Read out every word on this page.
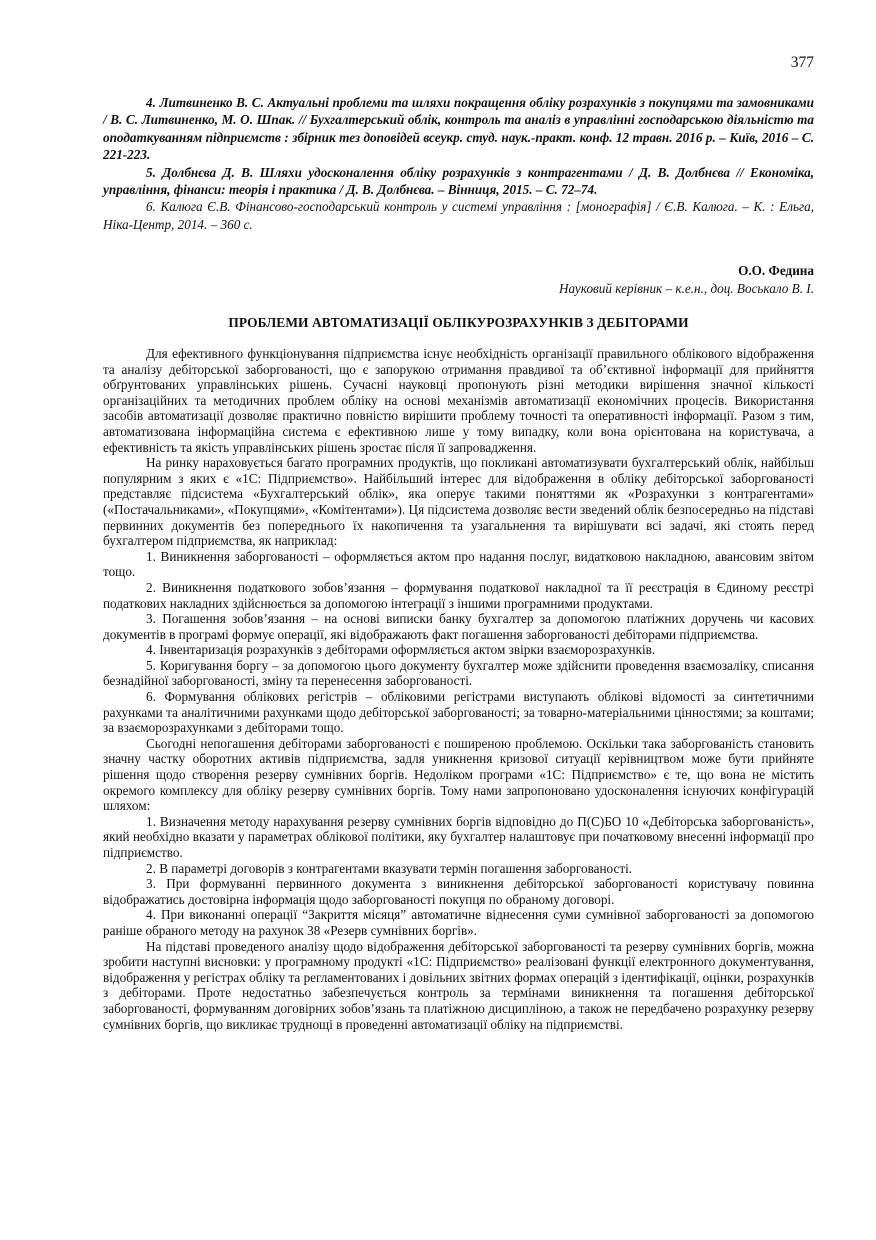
377

4. Литвиненко В. С. Актуальні проблеми та шляхи покращення обліку розрахунків з покупцями та замовниками / В. С. Литвиненко, М. О. Шпак. // Бухгалтерський облік, контроль та аналіз в управлінні господарською діяльністю та оподаткуванням підприємств : збірник тез доповідей всеукр. студ. наук.-практ. конф. 12 травн. 2016 р. – Київ, 2016 – С. 221-223.

5. Долбнєва Д. В. Шляхи удосконалення обліку розрахунків з контрагентами / Д. В. Долбнєва // Економіка, управління, фінанси: теорія і практика / Д. В. Долбнєва. – Вінниця, 2015. – С. 72–74.

6. Калюга Є.В. Фінансово-господарський контроль у системі управління : [монографія] / Є.В. Калюга. – К. : Ельга, Ніка-Центр, 2014. – 360 с.

О.О. Федина
Науковий керівник – к.е.н., доц. Воськало В. І.
ПРОБЛЕМИ АВТОМАТИЗАЦІЇ ОБЛІКУРОЗРАХУНКІВ З ДЕБІТОРАМИ

Для ефективного функціонування підприємства існує необхідність організації правильного облікового відображення та аналізу дебіторської заборгованості, що є запорукою отримання правдивої та об’єктивної інформації для прийняття обґрунтованих управлінських рішень. Сучасні науковці пропонують різні методики вирішення значної кількості організаційних та методичних проблем обліку на основі механізмів автоматизації економічних процесів. Використання засобів автоматизації дозволяє практично повністю вирішити проблему точності та оперативності інформації. Разом з тим, автоматизована інформаційна система є ефективною лише у тому випадку, коли вона орієнтована на користувача, а ефективність та якість управлінських рішень зростає після її запровадження.

На ринку нараховується багато програмних продуктів, що покликані автоматизувати бухгалтерський облік, найбільш популярним з яких є «1С: Підприємство». Найбільший інтерес для відображення в обліку дебіторської заборгованості представляє підсистема «Бухгалтерський облік», яка оперує такими поняттями як «Розрахунки з контрагентами» («Постачальниками», «Покупцями», «Комітентами»). Ця підсистема дозволяє вести зведений облік безпосередньо на підставі первинних документів без попереднього їх накопичення та узагальнення та вирішувати всі задачі, які стоять перед бухгалтером підприємства, як наприклад:

1. Виникнення заборгованості – оформляється актом про надання послуг, видатковою накладною, авансовим звітом тощо.

2. Виникнення податкового зобов’язання – формування податкової накладної та її реєстрація в Єдиному реєстрі податкових накладних здійснюється за допомогою інтеграції з іншими програмними продуктами.

3. Погашення зобов’язання – на основі виписки банку бухгалтер за допомогою платіжних доручень чи касових документів в програмі формує операції, які відображають факт погашення заборгованості дебіторами підприємства.

4. Інвентаризація розрахунків з дебіторами оформляється актом звірки взаєморозрахунків.

5. Коригування боргу – за допомогою цього документу бухгалтер може здійснити проведення взаємозаліку, списання безнадійної заборгованості, зміну та перенесення заборгованості.

6. Формування облікових регістрів – обліковими регістрами виступають облікові відомості за синтетичними рахунками та аналітичними рахунками щодо дебіторської заборгованості; за товарно-матеріальними цінностями; за коштами; за взаєморозрахунками з дебіторами тощо.

Сьогодні непогашення дебіторами заборгованості є поширеною проблемою. Оскільки така заборгованість становить значну частку оборотних активів підприємства, задля уникнення кризової ситуації керівництвом може бути прийняте рішення щодо створення резерву сумнівних боргів. Недоліком програми «1С: Підприємство» є те, що вона не містить окремого комплексу для обліку резерву сумнівних боргів. Тому нами запропоновано удосконалення існуючих конфігурацій шляхом:

1. Визначення методу нарахування резерву сумнівних боргів відповідно до П(С)БО 10 «Дебіторська заборгованість», який необхідно вказати у параметрах облікової політики, яку бухгалтер налаштовує при початковому внесенні інформації про підприємство.

2. В параметрі договорів з контрагентами вказувати термін погашення заборгованості.

3. При формуванні первинного документа з виникнення дебіторської заборгованості користувачу повинна відображатись достовірна інформація щодо заборгованості покупця по обраному договорі.

4. При виконанні операції “Закриття місяця” автоматичне віднесення суми сумнівної заборгованості за допомогою раніше обраного методу на рахунок 38 «Резерв сумнівних боргів».

На підставі проведеного аналізу щодо відображення дебіторської заборгованості та резерву сумнівних боргів, можна зробити наступні висновки: у програмному продукті «1С: Підприємство» реалізовані функції електронного документування, відображення у регістрах обліку та регламентованих і довільних звітних формах операцій з ідентифікації, оцінки, розрахунків з дебіторами. Проте недостатньо забезпечується контроль за термінами виникнення та погашення дебіторської заборгованості, формуванням договірних зобов’язань та платіжною дисципліною, а також не передбачено розрахунку резерву сумнівних боргів, що викликає труднощі в проведенні автоматизації обліку на підприємстві.
